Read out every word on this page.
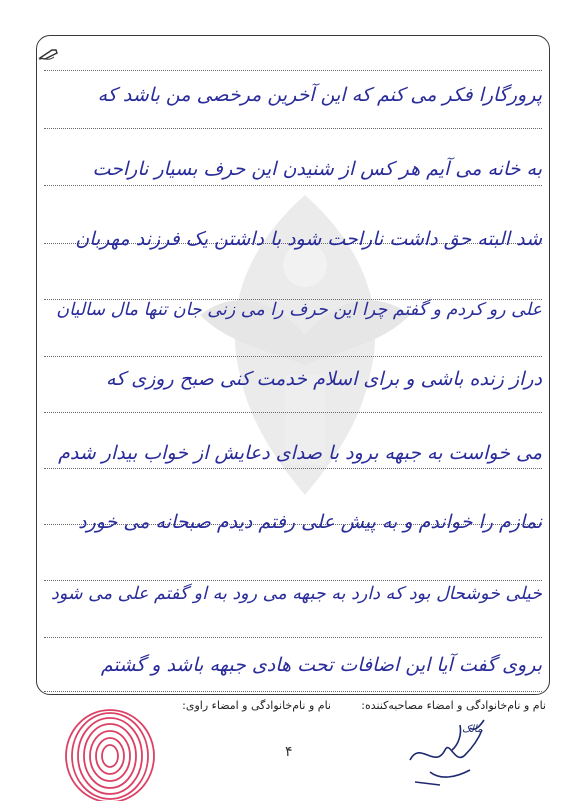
پرورگارا فکر می کنم که این آخرین مرخصی من باشد که
به خانه می آیم هر کس از شنیدن این حرف بسیار ناراحت
شد البته حق داشت ناراحت شود با داشتن یک فرزند مهربان
علی رو کردم و گفتم چرا این حرف را می زنی جان تنها مال سالیان
دراز زنده باشی و برای اسلام خدمت کنی صبح روزی که
می خواست به جبهه برود با صدای دعایش از خواب بیدار شدم
نمازم را خواندم و به پیش علی رفتم دیدم صبحانه می خورد
خیلی خوشحال بود که دارد به جبهه می رود به او گفتم علی می شود
بروی گفت آیا این اضافات تحت هادی جبهه باشد و گشتم
نام و نام‌خانوادگی و امضاء مصاحبه‌کننده:
نام و نام‌خانوادگی و امضاء راوی:
۴
مالک
